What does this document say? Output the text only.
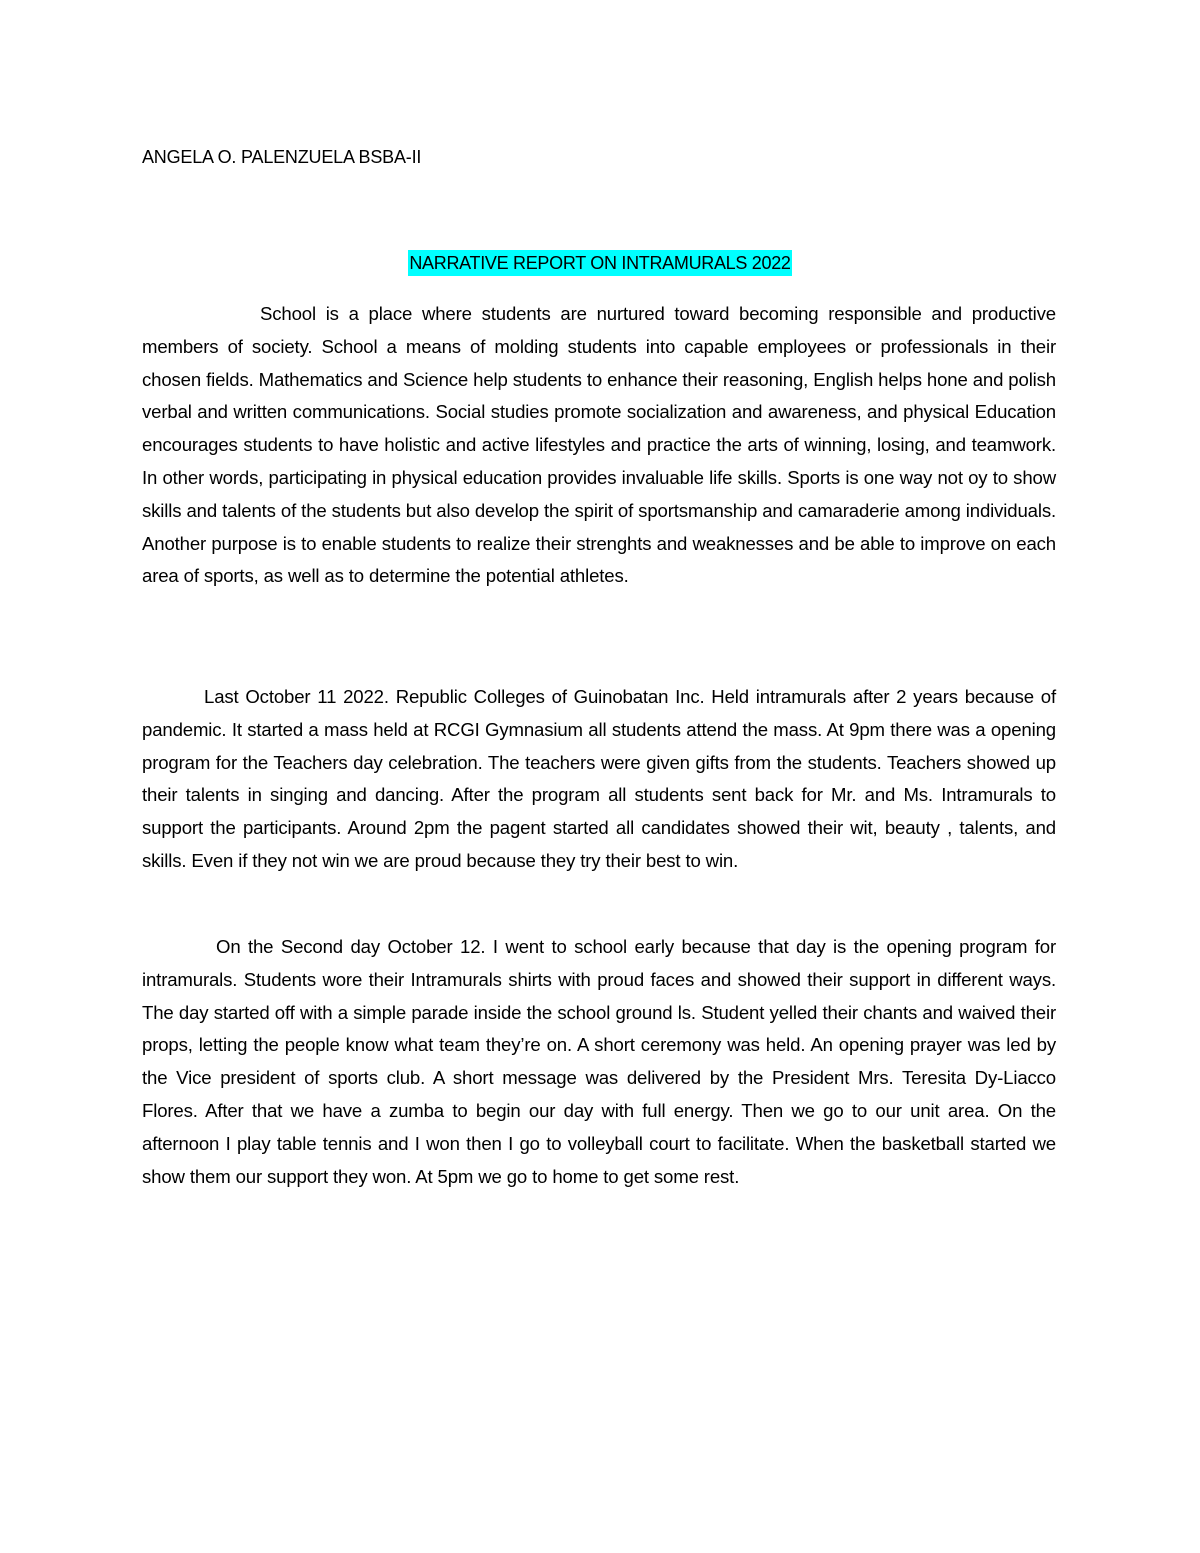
ANGELA O. PALENZUELA BSBA-II
NARRATIVE REPORT ON INTRAMURALS 2022

School is a place where students are nurtured toward becoming responsible and productive members of society. School a means of molding students into capable employees or professionals in their chosen fields. Mathematics and Science help students to enhance their reasoning, English helps hone and polish verbal and written communications. Social studies promote socialization and awareness, and physical Education encourages students to have holistic and active lifestyles and practice the arts of winning, losing, and teamwork. In other words, participating in physical education provides invaluable life skills. Sports is one way not oy to show skills and talents of the students but also develop the spirit of sportsmanship and camaraderie among individuals. Another purpose is to enable students to realize their strenghts and weaknesses and be able to improve on each area of sports, as well as to determine the potential athletes.

Last October 11 2022. Republic Colleges of Guinobatan Inc. Held intramurals after 2 years because of pandemic. It started a mass held at RCGI Gymnasium all students attend the mass. At 9pm there was a opening program for the Teachers day celebration. The teachers were given gifts from the students. Teachers showed up their talents in singing and dancing. After the program all students sent back for Mr. and Ms. Intramurals to support the participants. Around 2pm the pagent started all candidates showed their wit, beauty , talents, and skills. Even if they not win we are proud because they try their best to win.

On the Second day October 12. I went to school early because that day is the opening program for intramurals. Students wore their Intramurals shirts with proud faces and showed their support in different ways. The day started off with a simple parade inside the school ground ls. Student yelled their chants and waived their props, letting the people know what team they’re on. A short ceremony was held. An opening prayer was led by the Vice president of sports club. A short message was delivered by the President Mrs. Teresita Dy-Liacco Flores. After that we have a zumba to begin our day with full energy. Then we go to our unit area. On the afternoon I play table tennis and I won then I go to volleyball court to facilitate. When the basketball started we show them our support they won. At 5pm we go to home to get some rest.
